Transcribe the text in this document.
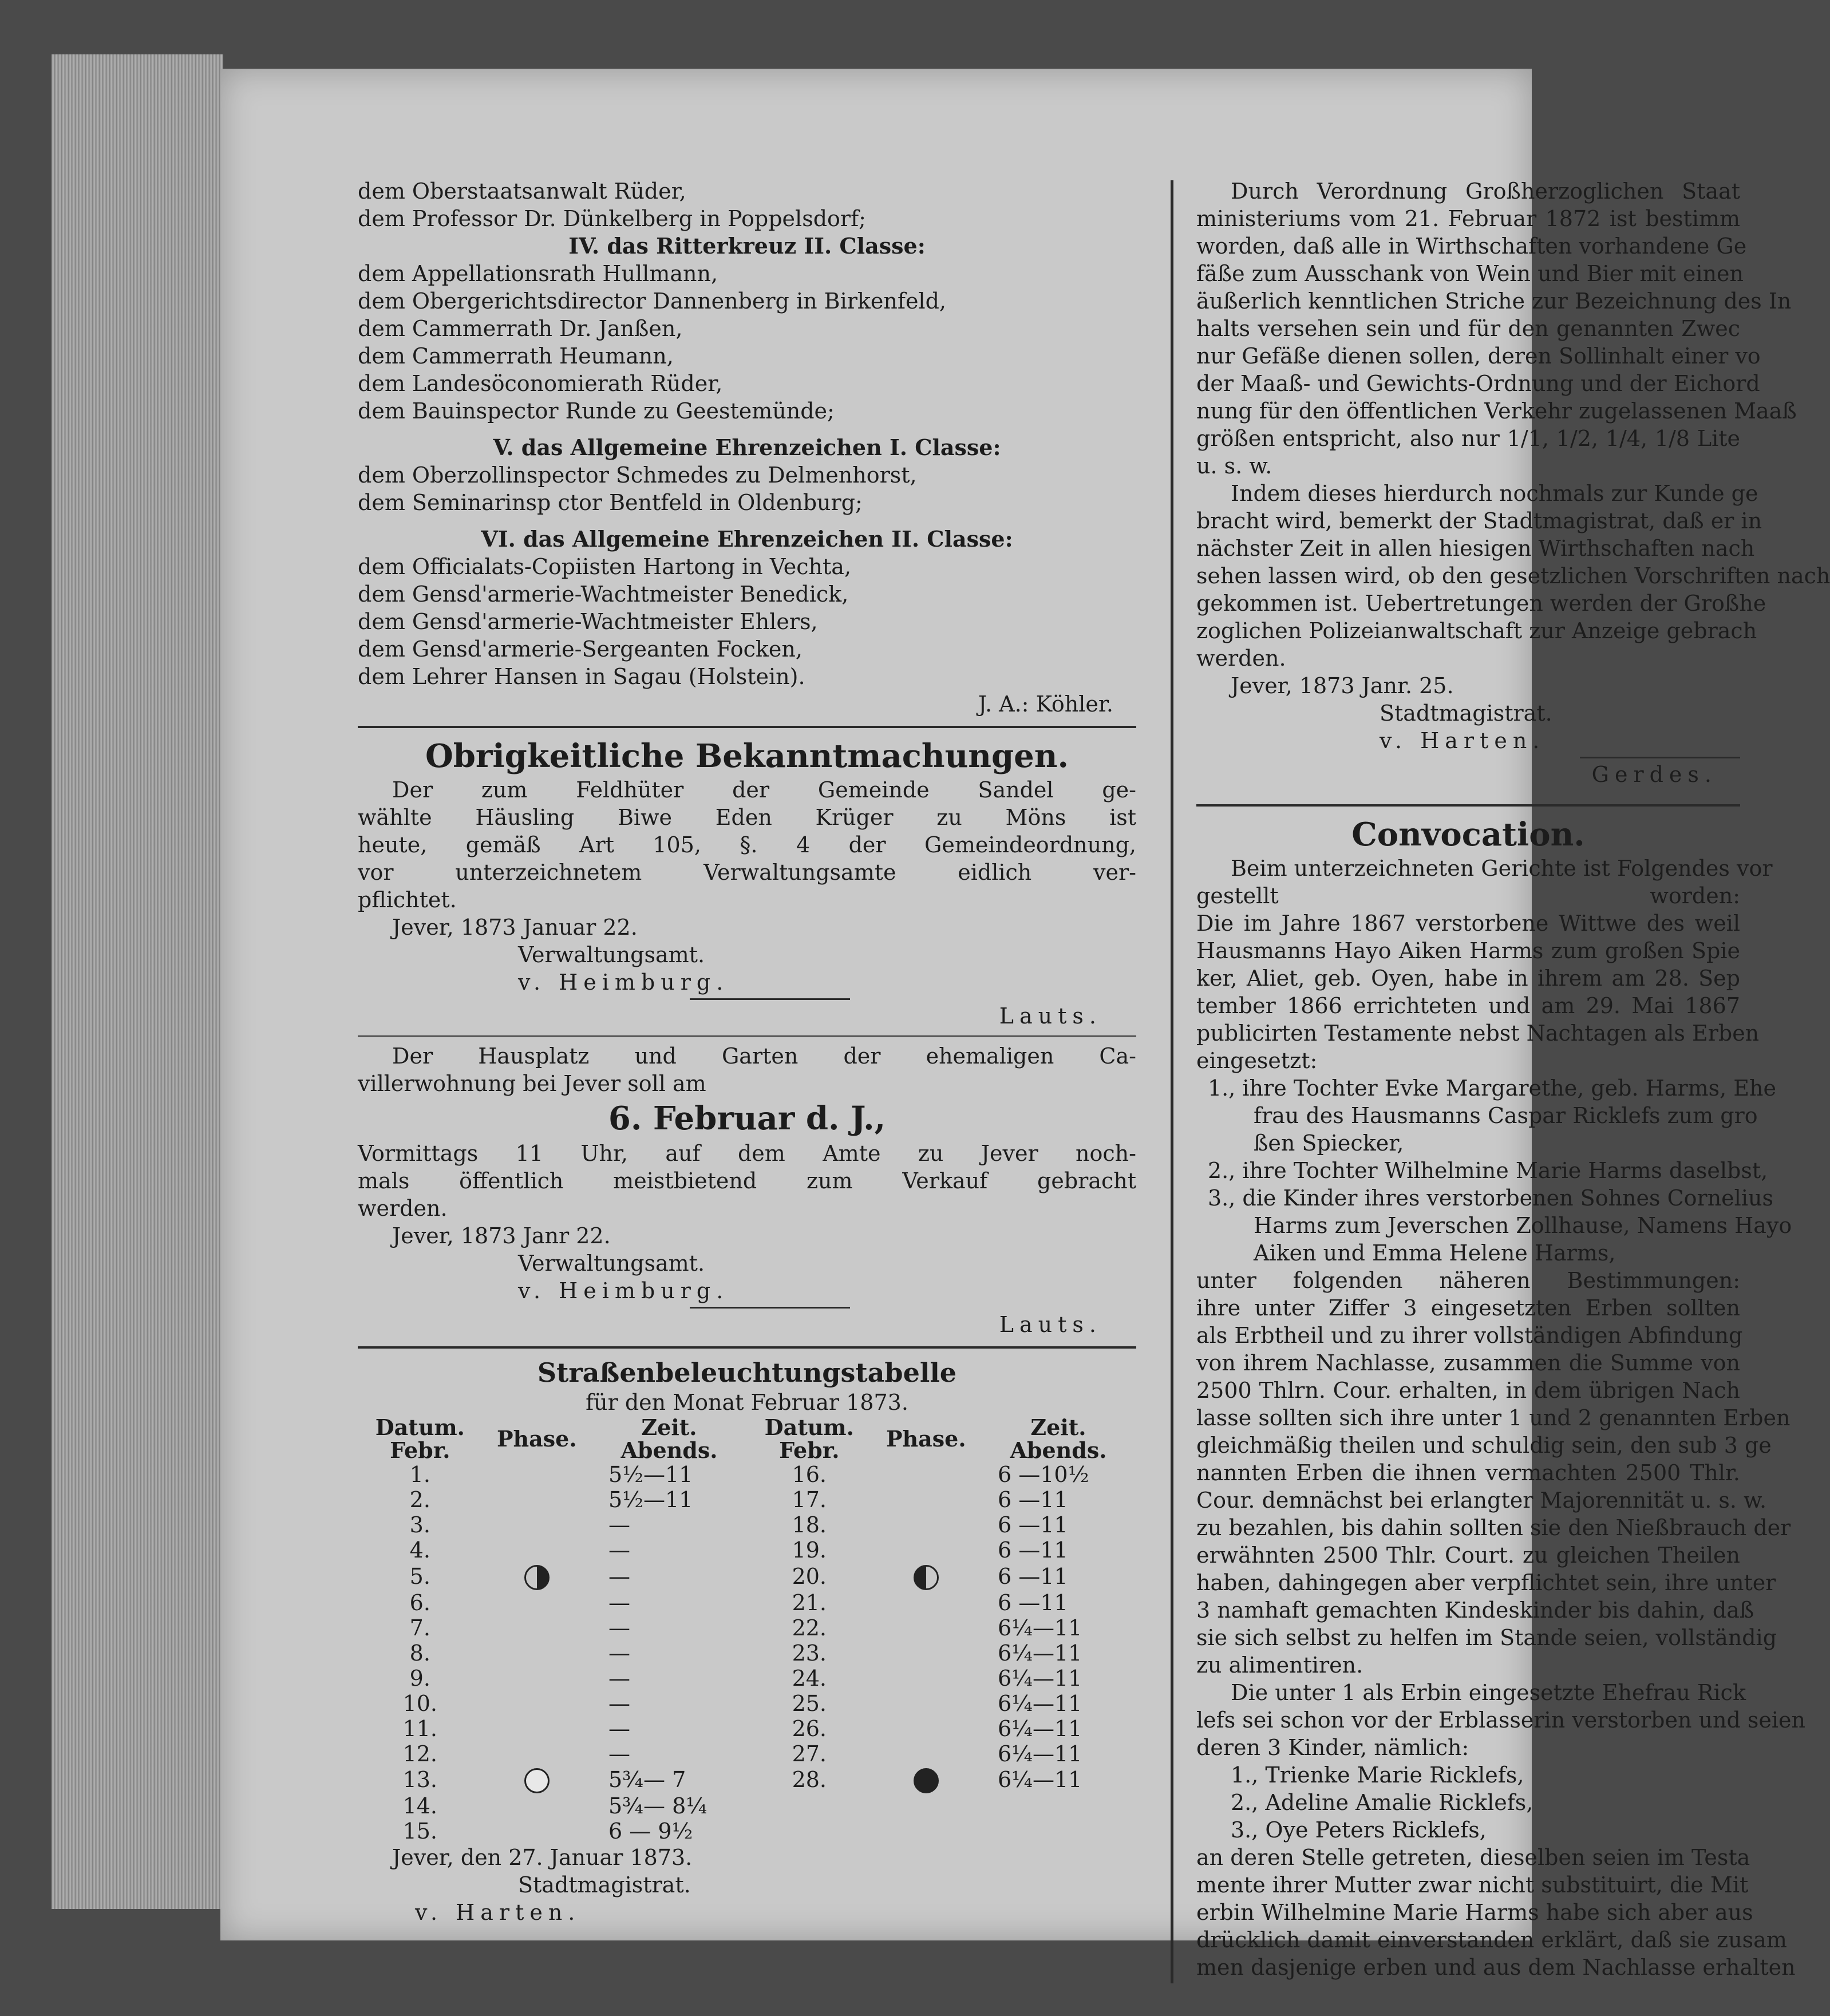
dem Oberstaatsanwalt Rüder,

dem Professor Dr. Dünkelberg in Poppelsdorf;

IV. das Ritterkreuz II. Classe:

dem Appellationsrath Hullmann,

dem Obergerichtsdirector Dannenberg in Birkenfeld,

dem Cammerrath Dr. Janßen,

dem Cammerrath Heumann,

dem Landesöconomierath Rüder,

dem Bauinspector Runde zu Geestemünde;

V. das Allgemeine Ehrenzeichen I. Classe:

dem Oberzollinspector Schmedes zu Delmenhorst,

dem Seminarinsp ctor Bentfeld in Oldenburg;

VI. das Allgemeine Ehrenzeichen II. Classe:

dem Officialats-Copiisten Hartong in Vechta,

dem Gensd'armerie-Wachtmeister Benedick,

dem Gensd'armerie-Wachtmeister Ehlers,

dem Gensd'armerie-Sergeanten Focken,

dem Lehrer Hansen in Sagau (Holstein).

J. A.: Köhler.

Obrigkeitliche Bekanntmachungen.

Der zum Feldhüter der Gemeinde Sandel ge-

wählte Häusling Biwe Eden Krüger zu Möns ist

heute, gemäß Art 105, §. 4 der Gemeindeordnung,

vor unterzeichnetem Verwaltungsamte eidlich ver-

pflichtet.

Jever, 1873 Januar 22.

Verwaltungsamt.

v. Heimburg.

Lauts.

Der Hausplatz und Garten der ehemaligen Ca-

villerwohnung bei Jever soll am

6. Februar d. J.,

Vormittags 11 Uhr, auf dem Amte zu Jever noch-

mals öffentlich meistbietend zum Verkauf gebracht

werden.

Jever, 1873 Janr 22.

Verwaltungsamt.

v. Heimburg.

Lauts.

Straßenbeleuchtungstabelle

für den Monat Februar 1873.

Datum.	Phase.	Zeit.	Datum.	Phase.	Zeit.
Febr.		Abends.	Febr.		Abends.
1.		5½—11	16.		6 —10½
2.		5½—11	17.		6 —11
3.		—	18.		6 —11
4.		—	19.		6 —11
5.		—	20.		6 —11
6.		—	21.		6 —11
7.		—	22.		6¼—11
8.		—	23.		6¼—11
9.		—	24.		6¼—11
10.		—	25.		6¼—11
11.		—	26.		6¼—11
12.		—	27.		6¼—11
13.		5¾— 7	28.		6¼—11
14.		5¾— 8¼			
15.		6 — 9½			

Jever, den 27. Januar 1873.

Stadtmagistrat.

v. Harten.

Durch Verordnung Großherzoglichen Staat

ministeriums vom 21. Februar 1872 ist bestimm

worden, daß alle in Wirthschaften vorhandene Ge

fäße zum Ausschank von Wein und Bier mit einen

äußerlich kenntlichen Striche zur Bezeichnung des In

halts versehen sein und für den genannten Zwec

nur Gefäße dienen sollen, deren Sollinhalt einer vo

der Maaß- und Gewichts-Ordnung und der Eichord

nung für den öffentlichen Verkehr zugelassenen Maaß

größen entspricht, also nur 1/1, 1/2, 1/4, 1/8 Lite

u. s. w.

Indem dieses hierdurch nochmals zur Kunde ge

bracht wird, bemerkt der Stadtmagistrat, daß er in

nächster Zeit in allen hiesigen Wirthschaften nach

sehen lassen wird, ob den gesetzlichen Vorschriften nach

gekommen ist. Uebertretungen werden der Großhe

zoglichen Polizeianwaltschaft zur Anzeige gebrach

werden.

Jever, 1873 Janr. 25.

Stadtmagistrat.

v. Harten.

Gerdes.

Convocation.

Beim unterzeichneten Gerichte ist Folgendes vor

gestellt worden:

Die im Jahre 1867 verstorbene Wittwe des weil

Hausmanns Hayo Aiken Harms zum großen Spie

ker, Aliet, geb. Oyen, habe in ihrem am 28. Sep

tember 1866 errichteten und am 29. Mai 1867

publicirten Testamente nebst Nachtagen als Erben

eingesetzt:

1., ihre Tochter Evke Margarethe, geb. Harms, Ehe

frau des Hausmanns Caspar Ricklefs zum gro

ßen Spiecker,

2., ihre Tochter Wilhelmine Marie Harms daselbst,

3., die Kinder ihres verstorbenen Sohnes Cornelius

Harms zum Jeverschen Zollhause, Namens Hayo

Aiken und Emma Helene Harms,

unter folgenden näheren Bestimmungen:

ihre unter Ziffer 3 eingesetzten Erben sollten

als Erbtheil und zu ihrer vollständigen Abfindung

von ihrem Nachlasse, zusammen die Summe von

2500 Thlrn. Cour. erhalten, in dem übrigen Nach

lasse sollten sich ihre unter 1 und 2 genannten Erben

gleichmäßig theilen und schuldig sein, den sub 3 ge

nannten Erben die ihnen vermachten 2500 Thlr.

Cour. demnächst bei erlangter Majorennität u. s. w.

zu bezahlen, bis dahin sollten sie den Nießbrauch der

erwähnten 2500 Thlr. Court. zu gleichen Theilen

haben, dahingegen aber verpflichtet sein, ihre unter

3 namhaft gemachten Kindeskinder bis dahin, daß

sie sich selbst zu helfen im Stande seien, vollständig

zu alimentiren.

Die unter 1 als Erbin eingesetzte Ehefrau Rick

lefs sei schon vor der Erblasserin verstorben und seien

deren 3 Kinder, nämlich:

1., Trienke Marie Ricklefs,

2., Adeline Amalie Ricklefs,

3., Oye Peters Ricklefs,

an deren Stelle getreten, dieselben seien im Testa

mente ihrer Mutter zwar nicht substituirt, die Mit

erbin Wilhelmine Marie Harms habe sich aber aus

drücklich damit einverstanden erklärt, daß sie zusam

men dasjenige erben und aus dem Nachlasse erhalten
